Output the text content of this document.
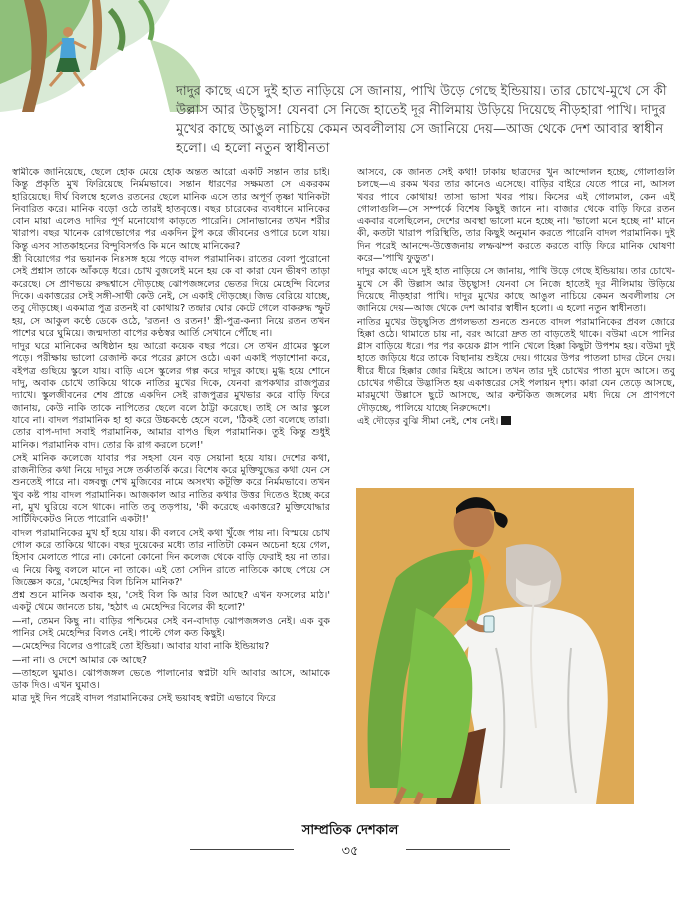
দাদুর কাছে এসে দুই হাত নাড়িয়ে সে জানায়, পাখি উড়ে গেছে ইন্ডিয়ায়। তার চোখে-মুখে সে কী উল্লাস আর উচ্ছ্বাস! যেনবা সে নিজে হাতেই দূর নীলিমায় উড়িয়ে দিয়েছে নীড়হারা পাখি। দাদুর মুখের কাছে আঙুল নাচিয়ে কেমন অবলীলায় সে জানিয়ে দেয়—আজ থেকে দেশ আবার স্বাধীন হলো। এ হলো নতুন স্বাধীনতা

স্বামীকে জানিয়েছে, ছেলে হোক মেয়ে হোক অন্তত আরো একটি সন্তান তার চাই। কিন্তু প্রকৃতি মুখ ফিরিয়েছে নির্মমভাবে। সন্তান ধারণের সক্ষমতা সে একরকম হারিয়েছে। দীর্ঘ বিলম্বে হলেও রতনের ছেলে মানিক এসে তার অপূর্ণ তৃষ্ণা খানিকটা নিবারিত করে। মানিক বড়ো ওঠে তারই হাতবৃত্তে। বছর চারেকের ব্যবধানে মানিকের বোন মায়া এলেও দাদির পূর্ণ মনোযোগ কাড়তে পারেনি। সোনাভানের তখন শরীর খারাপ। বছর খানেক রোগভোগের পর একদিন টুপ করে জীবনের ওপারে চলে যায়। কিন্তু এসব সাতকাহনের বিন্দুবিসর্গও কি মনে আছে মানিকের?

স্ত্রী বিয়োগের পর ভয়ানক নিঃসঙ্গ হয়ে পড়ে বাদল পরামানিক। রাতের বেলা পুরোনো সেই প্রশ্নাস তাকে আঁকড়ে ধরে। চোখ বুজলেই মনে হয় কে বা কারা যেন ভীষণ তাড়া করেছে। সে প্রাণভয়ে রুদ্ধশ্বাসে দৌড়চ্ছে ঝোপজঙ্গলের ভেতর দিয়ে মেহেন্দি বিলের দিকে। একাত্তরের সেই সঙ্গী-সাথী কেউ নেই, সে একাই দৌড়চ্ছে। জিভ বেরিয়ে যাচ্ছে, তবু দৌড়চ্ছে। একমাত্র পুত্র রতনই বা কোথায়? তন্দ্রার ঘোর কেটে গেলে বাকরুদ্ধ স্ফুট হয়, সে আকুল কণ্ঠে ডেকে ওঠে, 'রতন! ও রতন!' স্ত্রী-পুত্র-কন্যা নিয়ে রতন তখন পাশের ঘরে ঘুমিয়ে। জন্মদাতা বাপের কণ্ঠস্বর আর্তি সেখানে পৌঁছে না।

দাদুর ঘরে মানিকের অধিষ্ঠান হয় আরো কয়েক বছর পরে। সে তখন গ্রামের স্কুলে পড়ে। পরীক্ষায় ভালো রেজাল্ট করে পরের ক্লাসে ওঠে। একা একাই পড়াশোনা করে, বইপত্র গুছিয়ে স্কুলে যায়। বাড়ি এসে স্কুলের গল্প করে দাদুর কাছে। মুগ্ধ হয়ে শোনে দাদু, অবাক চোখে তাকিয়ে থাকে নাতির মুখের দিকে, যেনবা রূপকথার রাজপুত্রর দ্যাখে। স্কুলজীবনের শেষ প্রান্তে একদিন সেই রাজপুত্রর মুখভার করে বাড়ি ফিরে জানায়, কেউ নাকি তাকে নাপিতের ছেলে বলে ঠাট্টা করেছে। তাই সে আর স্কুলে যাবে না। বাদল পরামানিক হা হা করে উচ্চকণ্ঠে হেসে বলে, 'ঠিকই তো বলেছে তারা। তোর বাপ-দাদা সবাই পরামানিক, আমার বাপও ছিল পরামানিক। তুই কিন্তু শুধুই মানিক। পরামানিক বাদ। তোর কি রাগ করলে চলে!'

সেই মানিক কলেজে যাবার পর সহসা যেন বড় সেয়ানা হয়ে যায়। দেশের কথা, রাজনীতির কথা নিয়ে দাদুর সঙ্গে তর্কাতর্কি করে। বিশেষ করে মুক্তিযুদ্ধের কথা যেন সে শুনতেই পারে না। বঙ্গবন্ধু শেখ মুজিবের নামে অসংখ্য কটূক্তি করে নির্মমভাবে। তখন খুব কষ্ট পায় বাদল পরামানিক। আজকাল আর নাতির কথার উত্তর দিতেও ইচ্ছে করে না, মুখ ঘুরিয়ে বসে থাকে। নাতি তবু তড়পায়, 'কী করেছে একাত্তরে? মুক্তিযোদ্ধার সার্টিফিকেটও নিতে পারোনি একটা!'

বাদল পরামানিকের মুখ হাঁ হয়ে যায়। কী বলবে সেই কথা খুঁজে পায় না। বিস্ময়ে চোখ গোল করে তাকিয়ে থাকে। বছর দুয়েকের মধ্যে তার নাতিটা কেমন অচেনা হয়ে গেল, হিসাব মেলাতে পারে না। কোনো কোনো দিন কলেজ থেকে বাড়ি ফেরাই হয় না তার। এ নিয়ে কিছু বললে মানে না তাকে। এই তো সেদিন রাতে নাতিকে কাছে পেয়ে সে জিজ্ঞেস করে, 'মেহেন্দির বিল চিনিস মানিক?'

প্রশ্ন শুনে মানিক অবাক হয়, 'সেই বিল কি আর বিল আছে? এখন ফসলের মাঠ।' একটু থেমে জানতে চায়, 'হঠাৎ এ মেহেন্দির বিলের কী হলো?'

—না, তেমন কিছু না। বাড়ির পশ্চিমের সেই বন-বাদাড় ঝোপজঙ্গলও নেই। এক বুক পানির সেই মেহেন্দির বিলও নেই। পাল্টে গেল কত কিছুই।

—মেহেন্দির বিলের ওপারেই তো ইন্ডিয়া। আবার যাবা নাকি ইন্ডিয়ায়?

—না না। ও দেশে আমার কে আছে?

—তাহলে ঘুমাও। ঝোপজঙ্গল ভেঙে পালানোর স্বপ্নটা যদি আবার আসে, আমাকে ডাক দিও। এখন ঘুমাও।

মাত্র দুই দিন পরেই বাদল পরামানিকের সেই ভয়াবহ স্বপ্নটা এভাবে ফিরে

আসবে, কে জানত সেই কথা! ঢাকায় ছাত্রদের খুন আন্দোলন হচ্ছে, গোলাগুলি চলছে—এ রকম খবর তার কানেও এসেছে। বাড়ির বাইরে যেতে পারে না, আসল খবর পাবে কোথায়! তাসা ভাসা খবর পায়। কিসের এই গোলমাল, কেন এই গোলাগুলি—সে সম্পর্কে বিশেষ কিছুই জানে না। বাজার থেকে বাড়ি ফিরে রতন একবার বলেছিলেন, দেশের অবস্থা ভালো মনে হচ্ছে না। 'ভালো মনে হচ্ছে না' মানে কী, কতটা খারাপ পরিস্থিতি, তার কিছুই অনুমান করতে পারেনি বাদল পরামানিক। দুই দিন পরেই আনন্দে-উত্তেজনায় লম্ফঝম্প করতে করতে বাড়ি ফিরে মানিক ঘোষণা করে—'পাখি ফুড়ুত'।

দাদুর কাছে এসে দুই হাত নাড়িয়ে সে জানায়, পাখি উড়ে গেছে ইন্ডিয়ায়। তার চোখে-মুখে সে কী উল্লাস আর উচ্ছ্বাস! যেনবা সে নিজে হাতেই দূর নীলিমায় উড়িয়ে দিয়েছে নীড়হারা পাখি। দাদুর মুখের কাছে আঙুল নাচিয়ে কেমন অবলীলায় সে জানিয়ে দেয়—আজ থেকে দেশ আবার স্বাধীন হলো। এ হলো নতুন স্বাধীনতা।

নাতির মুখের উচ্ছ্বসিত প্রগলভতা শুনতে শুনতে বাদল পরামানিকের প্রবল জোরে হিক্কা ওঠে। থামাতে চায় না, বরং আরো দ্রুত তা বাড়তেই থাকে। বউমা এসে পানির গ্লাস বাড়িয়ে ধরে। পর পর কয়েক গ্লাস পানি খেলে হিক্কা কিছুটা উপশম হয়। বউমা দুই হাতে জড়িয়ে ধরে তাকে বিছানায় শুইয়ে দেয়। গায়ের উপর পাতলা চাদর টেনে দেয়। ধীরে ধীরে হিক্কার জোর মিইয়ে আসে। তখন তার দুই চোখের পাতা মুদে আসে। তবু চোখের গভীরে উদ্ভাসিত হয় একাত্তরের সেই পলায়ন দৃশ্য। কারা যেন তেড়ে আসছে, মারমুখো উল্লাসে ছুটে আসছে, আর কন্টকিত জঙ্গলের মধ্য দিয়ে সে প্রাণপণে দৌড়চ্ছে, পালিয়ে যাচ্ছে নিরুদ্দেশে।

এই দৌড়ের বুঝি সীমা নেই, শেষ নেই।

সাম্প্রতিক দেশকাল
৩৫
